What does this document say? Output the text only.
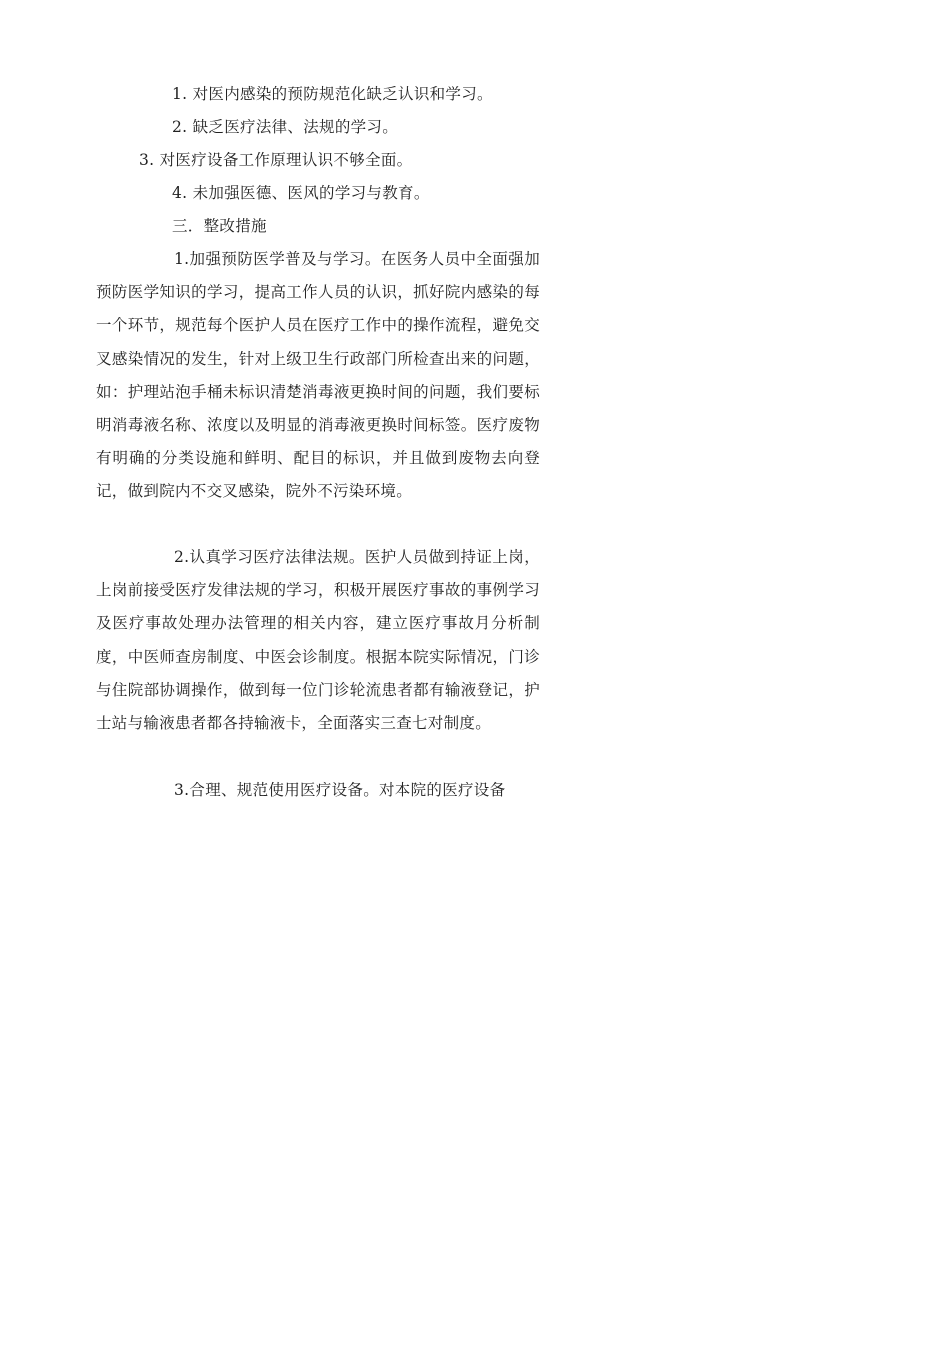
1. 对医内感染的预防规范化缺乏认识和学习。
2. 缺乏医疗法律、法规的学习。
3. 对医疗设备工作原理认识不够全面。
4. 未加强医德、医风的学习与教育。
三．整改措施

1.加强预防医学普及与学习。在医务人员中全面强加预防医学知识的学习，提高工作人员的认识，抓好院内感染的每一个环节，规范每个医护人员在医疗工作中的操作流程，避免交叉感染情况的发生，针对上级卫生行政部门所检查出来的问题，如：护理站泡手桶未标识清楚消毒液更换时间的问题，我们要标明消毒液名称、浓度以及明显的消毒液更换时间标签。医疗废物有明确的分类设施和鲜明、配目的标识，并且做到废物去向登记，做到院内不交叉感染，院外不污染环境。

2.认真学习医疗法律法规。医护人员做到持证上岗，上岗前接受医疗发律法规的学习，积极开展医疗事故的事例学习及医疗事故处理办法管理的相关内容，建立医疗事故月分析制度，中医师查房制度、中医会诊制度。根据本院实际情况，门诊与住院部协调操作，做到每一位门诊轮流患者都有输液登记，护士站与输液患者都各持输液卡，全面落实三查七对制度。

3.合理、规范使用医疗设备。对本院的医疗设备
